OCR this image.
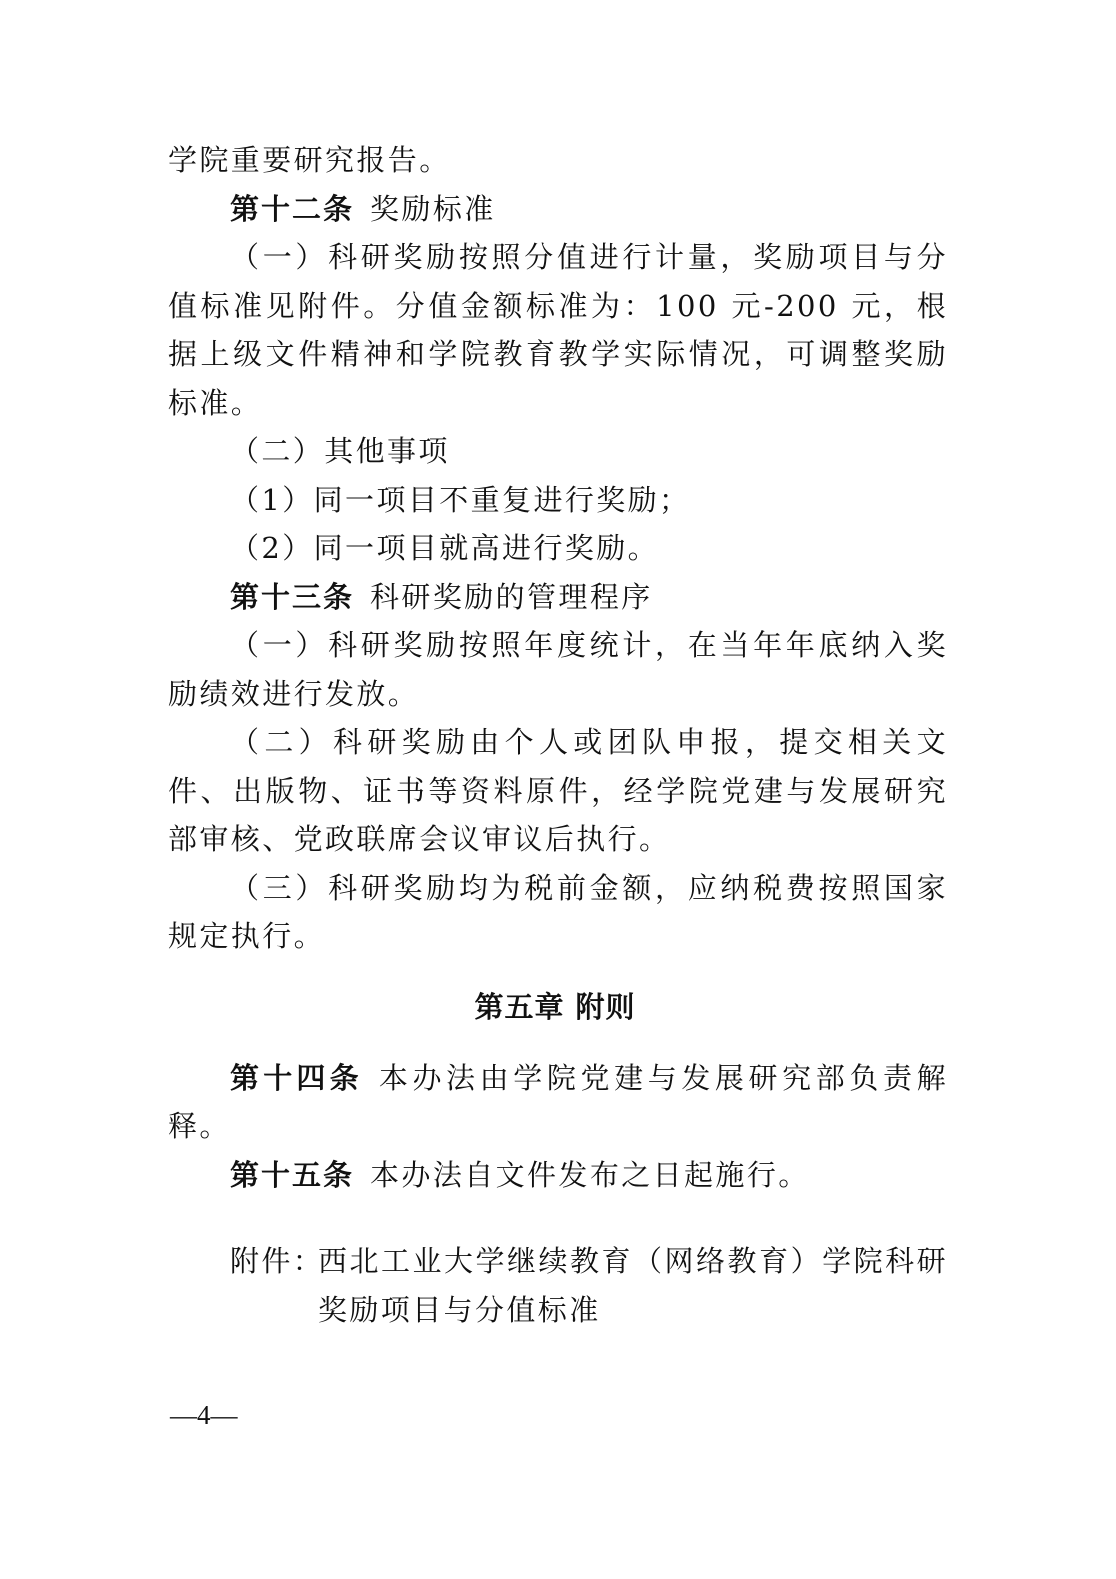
学院重要研究报告。

第十二条 奖励标准

（一）科研奖励按照分值进行计量，奖励项目与分值标准见附件。分值金额标准为：100 元-200 元，根据上级文件精神和学院教育教学实际情况，可调整奖励标准。

（二）其他事项

（1）同一项目不重复进行奖励；

（2）同一项目就高进行奖励。

第十三条 科研奖励的管理程序

（一）科研奖励按照年度统计，在当年年底纳入奖励绩效进行发放。

（二）科研奖励由个人或团队申报，提交相关文件、出版物、证书等资料原件，经学院党建与发展研究部审核、党政联席会议审议后执行。

（三）科研奖励均为税前金额，应纳税费按照国家规定执行。

第五章 附则

第十四条 本办法由学院党建与发展研究部负责解释。

第十五条 本办法自文件发布之日起施行。

附件：

西北工业大学继续教育（网络教育）学院科研奖励项目与分值标准

—4—
